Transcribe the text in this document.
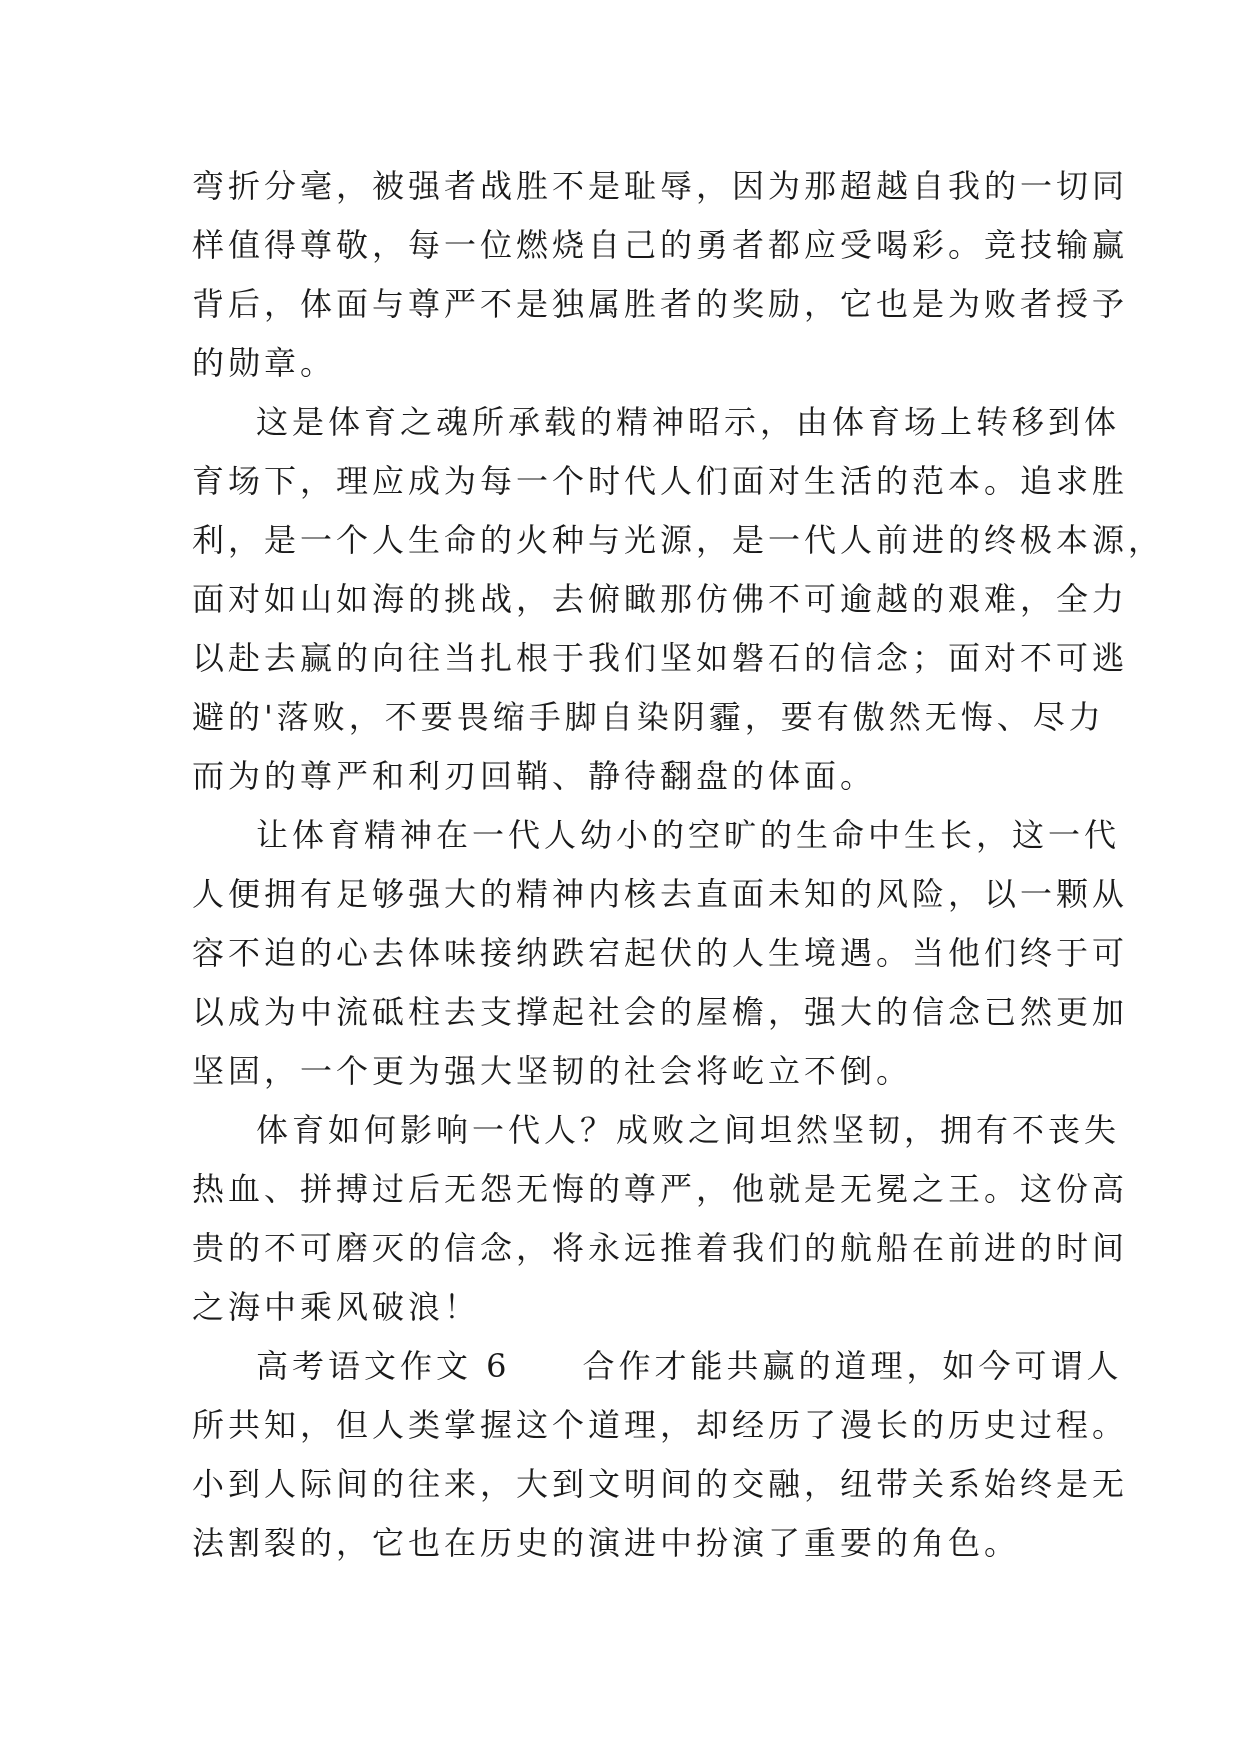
弯折分毫，被强者战胜不是耻辱，因为那超越自我的一切同
样值得尊敬，每一位燃烧自己的勇者都应受喝彩。竞技输赢
背后，体面与尊严不是独属胜者的奖励，它也是为败者授予
的勋章。
这是体育之魂所承载的精神昭示，由体育场上转移到体
育场下，理应成为每一个时代人们面对生活的范本。追求胜
利，是一个人生命的火种与光源，是一代人前进的终极本源，
面对如山如海的挑战，去俯瞰那仿佛不可逾越的艰难，全力
以赴去赢的向往当扎根于我们坚如磐石的信念；面对不可逃
避的'落败，不要畏缩手脚自染阴霾，要有傲然无悔、尽力
而为的尊严和利刃回鞘、静待翻盘的体面。
让体育精神在一代人幼小的空旷的生命中生长，这一代
人便拥有足够强大的精神内核去直面未知的风险，以一颗从
容不迫的心去体味接纳跌宕起伏的人生境遇。当他们终于可
以成为中流砥柱去支撑起社会的屋檐，强大的信念已然更加
坚固，一个更为强大坚韧的社会将屹立不倒。
体育如何影响一代人？成败之间坦然坚韧，拥有不丧失
热血、拼搏过后无怨无悔的尊严，他就是无冕之王。这份高
贵的不可磨灭的信念，将永远推着我们的航船在前进的时间
之海中乘风破浪！
高考语文作文 6　　合作才能共赢的道理，如今可谓人
所共知，但人类掌握这个道理，却经历了漫长的历史过程。
小到人际间的往来，大到文明间的交融，纽带关系始终是无
法割裂的，它也在历史的演进中扮演了重要的角色。
